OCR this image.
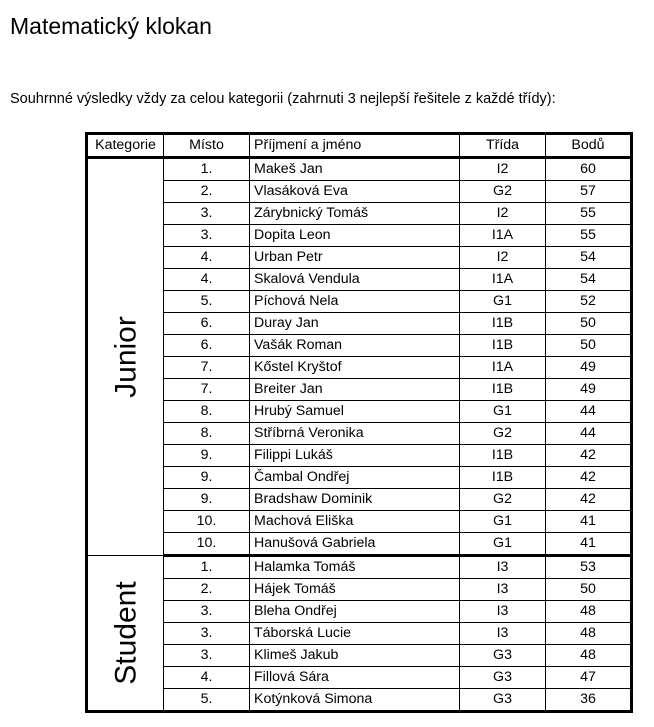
Matematický klokan
Souhrnné výsledky vždy za celou kategorii (zahrnuti 3 nejlepší řešitele z každé třídy):
Kategorie	Místo	Příjmení a jméno	Třída	Bodů

Junior	1.	Makeš Jan	I2	60
	2.	Vlasáková Eva	G2	57
	3.	Zárybnický Tomáš	I2	55
	3.	Dopita Leon	I1A	55
	4.	Urban Petr	I2	54
	4.	Skalová Vendula	I1A	54
	5.	Píchová Nela	G1	52
	6.	Duray Jan	I1B	50
	6.	Vašák Roman	I1B	50
	7.	Kőstel Kryštof	I1A	49
	7.	Breiter Jan	I1B	49
	8.	Hrubý Samuel	G1	44
	8.	Stříbrná Veronika	G2	44
	9.	Filippi Lukáš	I1B	42
	9.	Čambal Ondřej	I1B	42
	9.	Bradshaw Dominik	G2	42
	10.	Machová Eliška	G1	41
	10.	Hanušová Gabriela	G1	41

Student	1.	Halamka Tomáš	I3	53
	2.	Hájek Tomáš	I3	50
	3.	Bleha Ondřej	I3	48
	3.	Táborská Lucie	I3	48
	3.	Klimeš Jakub	G3	48
	4.	Fillová Sára	G3	47
	5.	Kotýnková Simona	G3	36
